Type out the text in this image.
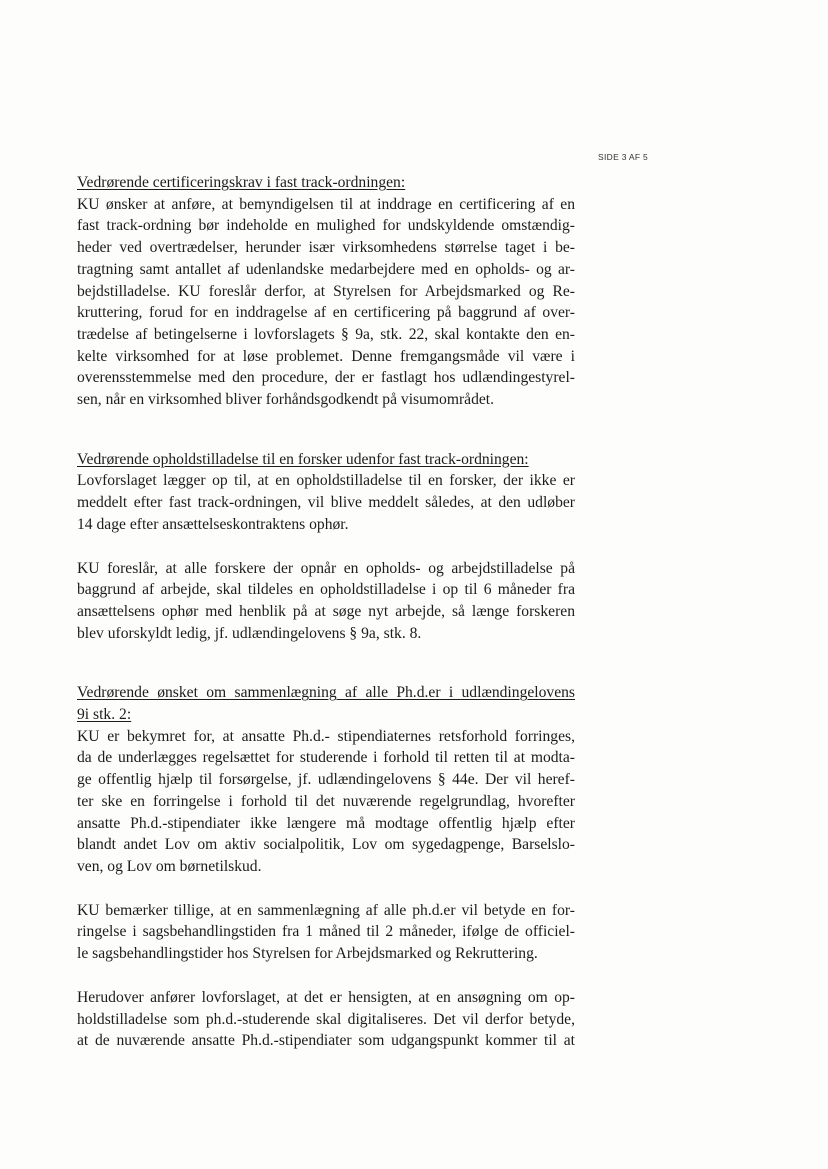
SIDE 3 AF 5
Vedrørende certificeringskrav i fast track-ordningen:
KU ønsker at anføre, at bemyndigelsen til at inddrage en certificering af en
fast track-ordning bør indeholde en mulighed for undskyldende omstændig-
heder ved overtrædelser, herunder især virksomhedens størrelse taget i be-
tragtning samt antallet af udenlandske medarbejdere med en opholds- og ar-
bejdstilladelse. KU foreslår derfor, at Styrelsen for Arbejdsmarked og Re-
kruttering, forud for en inddragelse af en certificering på baggrund af over-
trædelse af betingelserne i lovforslagets § 9a, stk. 22, skal kontakte den en-
kelte virksomhed for at løse problemet. Denne fremgangsmåde vil være i
overensstemmelse med den procedure, der er fastlagt hos udlændingestyrel-
sen, når en virksomhed bliver forhåndsgodkendt på visumområdet.
Vedrørende opholdstilladelse til en forsker udenfor fast track-ordningen:
Lovforslaget lægger op til, at en opholdstilladelse til en forsker, der ikke er
meddelt efter fast track-ordningen, vil blive meddelt således, at den udløber
14 dage efter ansættelseskontraktens ophør.
KU foreslår, at alle forskere der opnår en opholds- og arbejdstilladelse på
baggrund af arbejde, skal tildeles en opholdstilladelse i op til 6 måneder fra
ansættelsens ophør med henblik på at søge nyt arbejde, så længe forskeren
blev uforskyldt ledig, jf. udlændingelovens § 9a, stk. 8.
Vedrørende ønsket om sammenlægning af alle Ph.d.er i udlændingelovens
9i stk. 2:
KU er bekymret for, at ansatte Ph.d.- stipendiaternes retsforhold forringes,
da de underlægges regelsættet for studerende i forhold til retten til at modta-
ge offentlig hjælp til forsørgelse, jf. udlændingelovens § 44e. Der vil heref-
ter ske en forringelse i forhold til det nuværende regelgrundlag, hvorefter
ansatte Ph.d.-stipendiater ikke længere må modtage offentlig hjælp efter
blandt andet Lov om aktiv socialpolitik, Lov om sygedagpenge, Barselslo-
ven, og Lov om børnetilskud.
KU bemærker tillige, at en sammenlægning af alle ph.d.er vil betyde en for-
ringelse i sagsbehandlingstiden fra 1 måned til 2 måneder, ifølge de officiel-
le sagsbehandlingstider hos Styrelsen for Arbejdsmarked og Rekruttering.
Herudover anfører lovforslaget, at det er hensigten, at en ansøgning om op-
holdstilladelse som ph.d.-studerende skal digitaliseres. Det vil derfor betyde,
at de nuværende ansatte Ph.d.-stipendiater som udgangspunkt kommer til at
